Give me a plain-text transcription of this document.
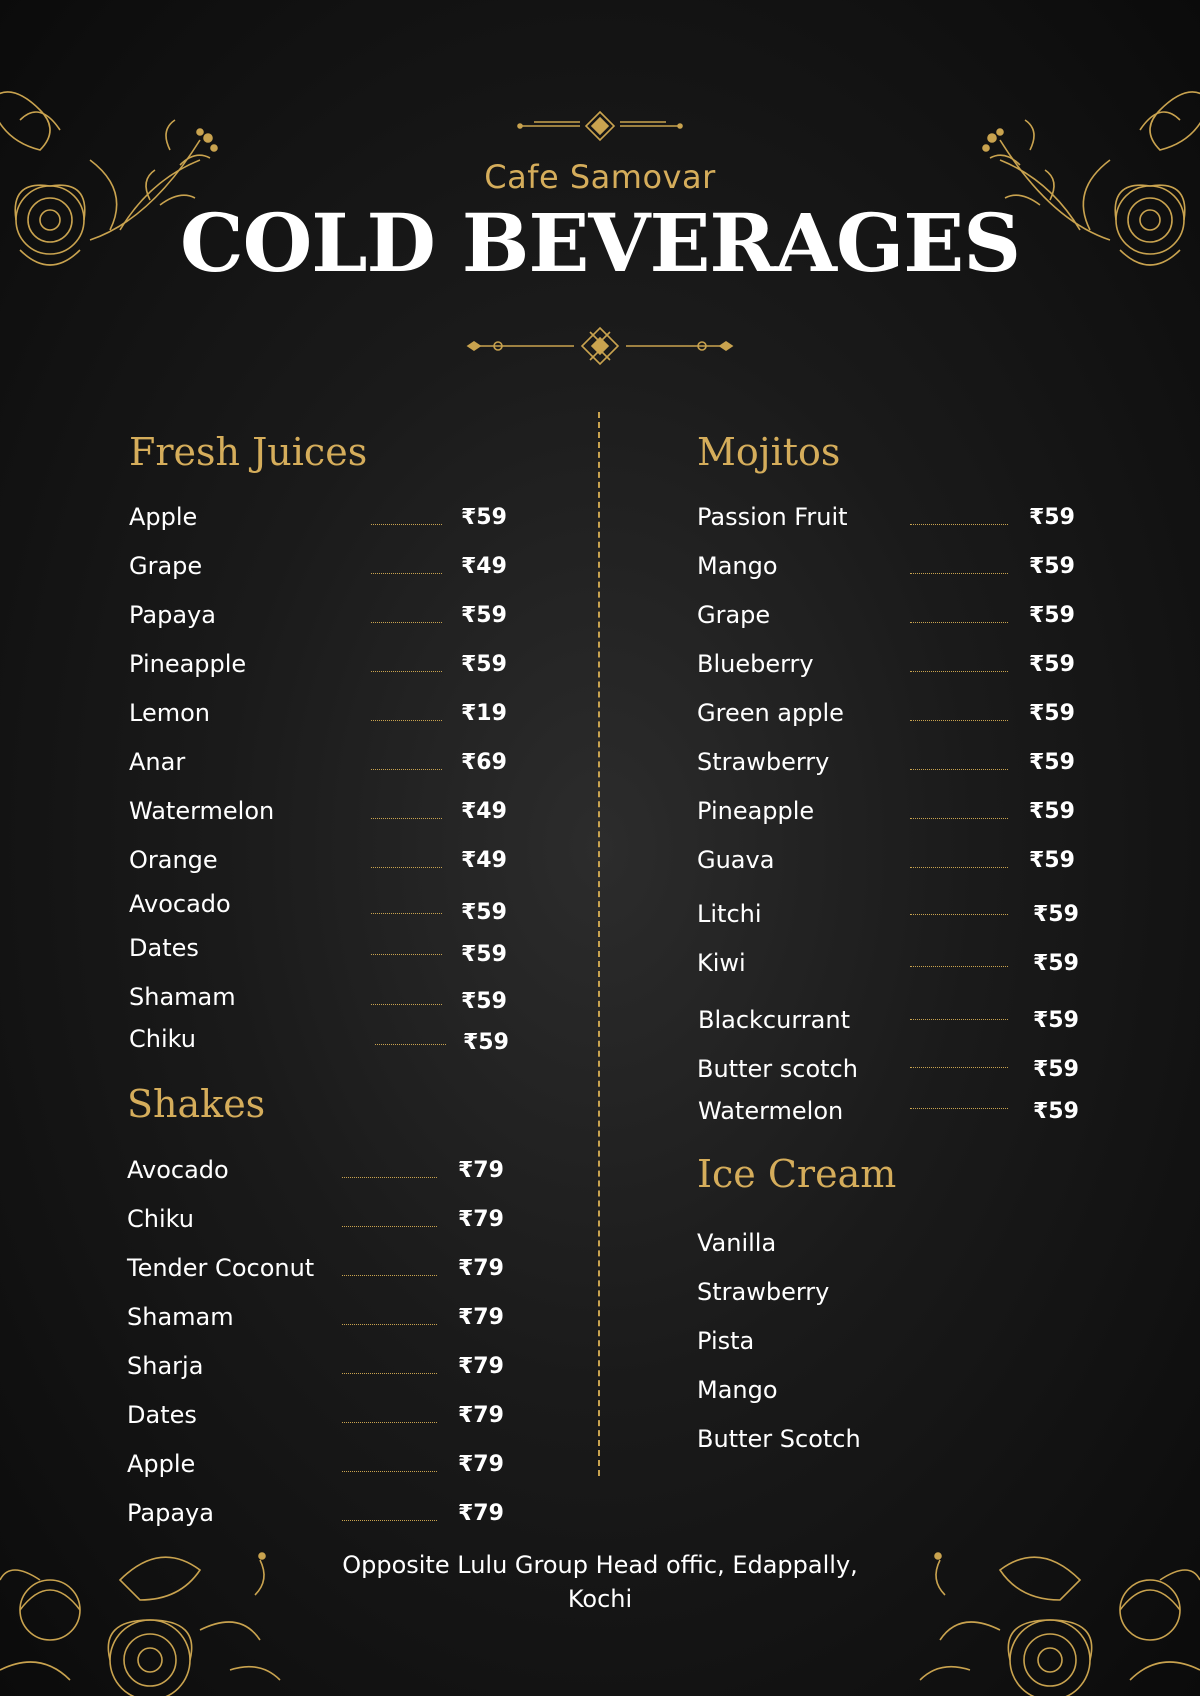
Cafe Samovar
COLD BEVERAGES
Fresh Juices
Apple	₹59
Grape	₹49
Papaya	₹59
Pineapple	₹59
Lemon	₹19
Anar	₹69
Watermelon	₹49
Orange	₹49
Avocado	₹59
Dates	₹59
Shamam	₹59
Chiku	₹59
Shakes
Avocado	₹79
Chiku	₹79
Tender Coconut	₹79
Shamam	₹79
Sharja	₹79
Dates	₹79
Apple	₹79
Papaya	₹79
Mojitos
Passion Fruit	₹59
Mango	₹59
Grape	₹59
Blueberry	₹59
Green apple	₹59
Strawberry	₹59
Pineapple	₹59
Guava	₹59
Litchi	₹59
Kiwi	₹59
Blackcurrant	₹59
Butter scotch	₹59
Watermelon	₹59
Ice Cream
Vanilla
Strawberry
Pista
Mango
Butter Scotch
Opposite Lulu Group Head offic, Edappally,
Kochi
